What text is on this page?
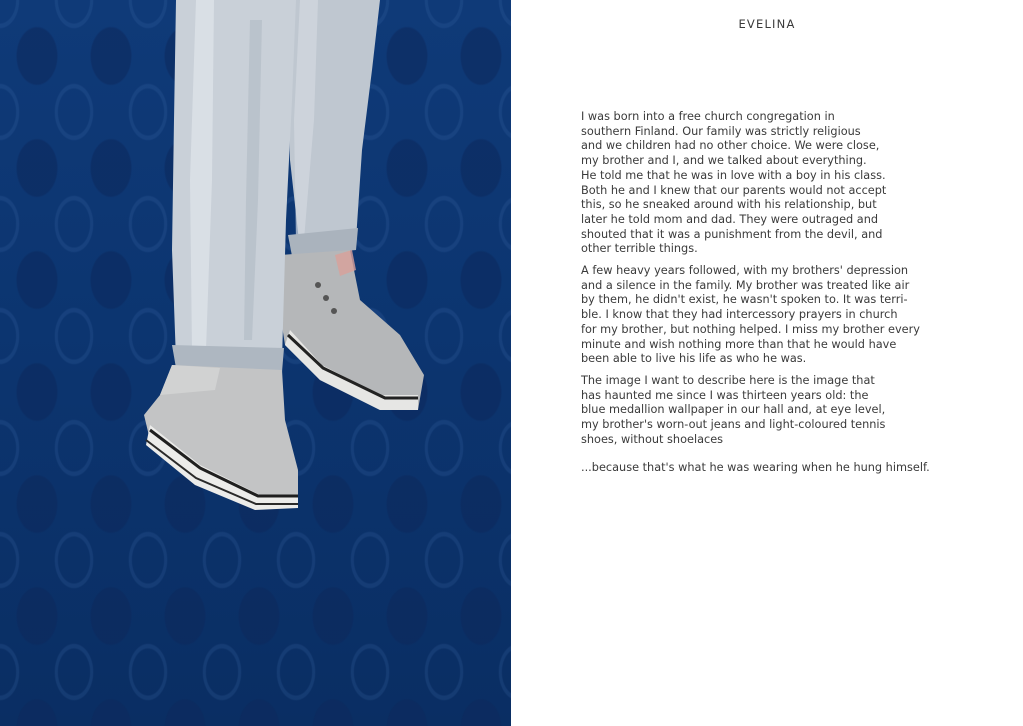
EVELINA

I was born into a free church congregation in
southern Finland. Our family was strictly religious
and we children had no other choice. We were close,
my brother and I, and we talked about everything.
He told me that he was in love with a boy in his class.
Both he and I knew that our parents would not accept
this, so he sneaked around with his relationship, but
later he told mom and dad. They were outraged and
shouted that it was a punishment from the devil, and
other terrible things.

A few heavy years followed, with my brothers' depression
and a silence in the family. My brother was treated like air
by them, he didn't exist, he wasn't spoken to. It was terri-
ble. I know that they had intercessory prayers in church
for my brother, but nothing helped. I miss my brother every
minute and wish nothing more than that he would have
been able to live his life as who he was.

The image I want to describe here is the image that
has haunted me since I was thirteen years old: the
blue medallion wallpaper in our hall and, at eye level,
my brother's worn-out jeans and light-coloured tennis
shoes, without shoelaces

...because that's what he was wearing when he hung himself.
